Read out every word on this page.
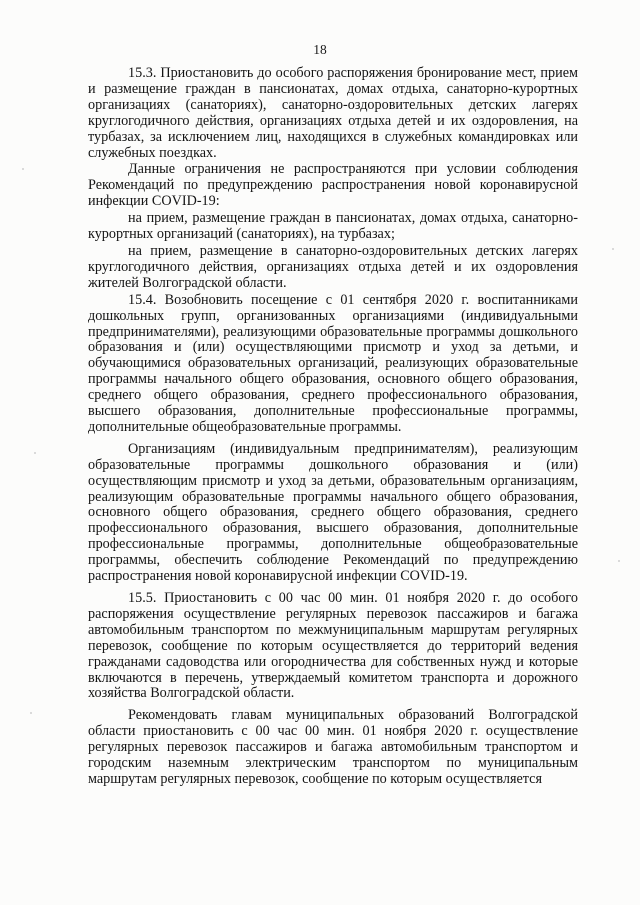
18

15.3. Приостановить до особого распоряжения бронирование мест, прием и размещение граждан в пансионатах, домах отдыха, санаторно-курортных организациях (санаториях), санаторно-оздоровительных детских лагерях круглогодичного действия, организациях отдыха детей и их оздоровления, на турбазах, за исключением лиц, находящихся в служебных командировках или служебных поездках.

Данные ограничения не распространяются при условии соблюдения Рекомендаций по предупреждению распространения новой коронавирусной инфекции COVID-19:

на прием, размещение граждан в пансионатах, домах отдыха, санаторно-курортных организаций (санаториях), на турбазах;

на прием, размещение в санаторно-оздоровительных детских лагерях круглогодичного действия, организациях отдыха детей и их оздоровления жителей Волгоградской области.

15.4. Возобновить посещение с 01 сентября 2020 г. воспитанниками дошкольных групп, организованных организациями (индивидуальными предпринимателями), реализующими образовательные программы дошкольного образования и (или) осуществляющими присмотр и уход за детьми, и обучающимися образовательных организаций, реализующих образовательные программы начального общего образования, основного общего образования, среднего общего образования, среднего профессионального образования, высшего образования, дополнительные профессиональные программы, дополнительные общеобразовательные программы.

Организациям (индивидуальным предпринимателям), реализующим образовательные программы дошкольного образования и (или) осуществляющим присмотр и уход за детьми, образовательным организациям, реализующим образовательные программы начального общего образования, основного общего образования, среднего общего образования, среднего профессионального образования, высшего образования, дополнительные профессиональные программы, дополнительные общеобразовательные программы, обеспечить соблюдение Рекомендаций по предупреждению распространения новой коронавирусной инфекции COVID-19.

15.5. Приостановить с 00 час 00 мин. 01 ноября 2020 г. до особого распоряжения осуществление регулярных перевозок пассажиров и багажа автомобильным транспортом по межмуниципальным маршрутам регулярных перевозок, сообщение по которым осуществляется до территорий ведения гражданами садоводства или огородничества для собственных нужд и которые включаются в перечень, утверждаемый комитетом транспорта и дорожного хозяйства Волгоградской области.

Рекомендовать главам муниципальных образований Волгоградской области приостановить с 00 час 00 мин. 01 ноября 2020 г. осуществление регулярных перевозок пассажиров и багажа автомобильным транспортом и городским наземным электрическим транспортом по муниципальным маршрутам регулярных перевозок, сообщение по которым осуществляется
